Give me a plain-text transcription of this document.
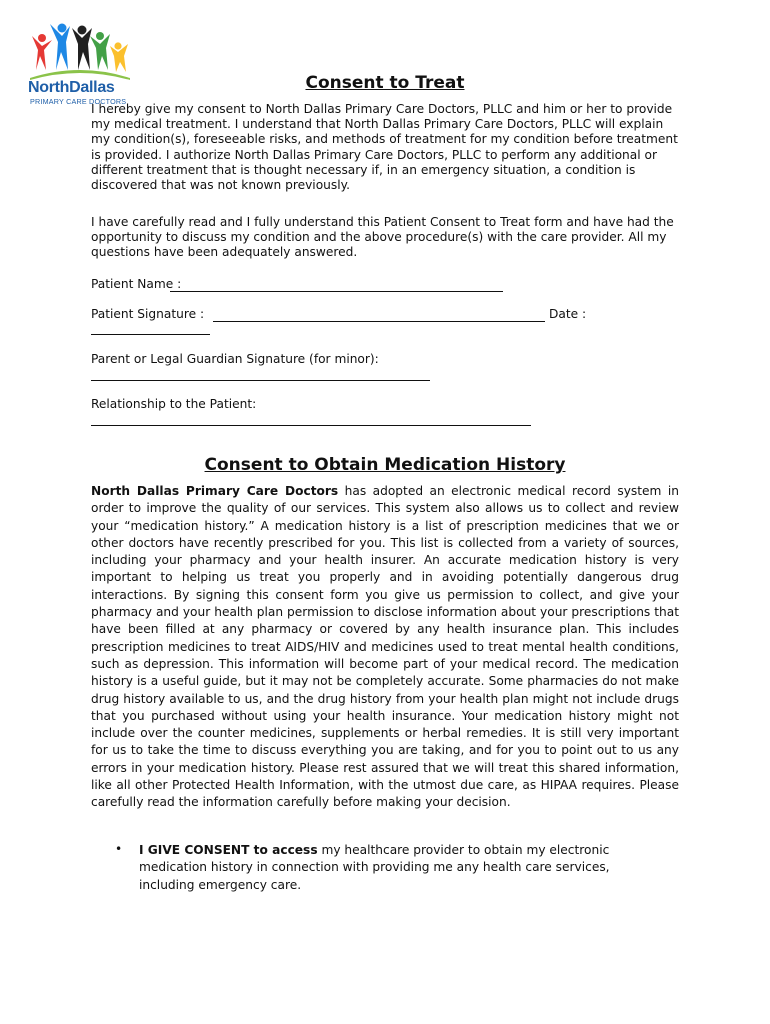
NorthDallas
PRIMARY CARE DOCTORS
Consent to Treat
I hereby give my consent to North Dallas Primary Care Doctors, PLLC and him or her to provide my medical treatment. I understand that North Dallas Primary Care Doctors, PLLC will explain my condition(s), foreseeable risks, and methods of treatment for my condition before treatment is provided. I authorize North Dallas Primary Care Doctors, PLLC to perform any additional or different treatment that is thought necessary if, in an emergency situation, a condition is discovered that was not known previously.
I have carefully read and I fully understand this Patient Consent to Treat form and have had the opportunity to discuss my condition and the above procedure(s) with the care provider. All my questions have been adequately answered.
Patient Name :
Patient Signature :	Date :
Parent or Legal Guardian Signature (for minor):
Relationship to the Patient:
Consent to Obtain Medication History
North Dallas Primary Care Doctors has adopted an electronic medical record system in order to improve the quality of our services. This system also allows us to collect and review your “medication history.” A medication history is a list of prescription medicines that we or other doctors have recently prescribed for you. This list is collected from a variety of sources, including your pharmacy and your health insurer. An accurate medication history is very important to helping us treat you properly and in avoiding potentially dangerous drug interactions. By signing this consent form you give us permission to collect, and give your pharmacy and your health plan permission to disclose information about your prescriptions that have been filled at any pharmacy or covered by any health insurance plan. This includes prescription medicines to treat AIDS/HIV and medicines used to treat mental health conditions, such as depression. This information will become part of your medical record. The medication history is a useful guide, but it may not be completely accurate. Some pharmacies do not make drug history available to us, and the drug history from your health plan might not include drugs that you purchased without using your health insurance. Your medication history might not include over the counter medicines, supplements or herbal remedies. It is still very important for us to take the time to discuss everything you are taking, and for you to point out to us any errors in your medication history. Please rest assured that we will treat this shared information, like all other Protected Health Information, with the utmost due care, as HIPAA requires. Please carefully read the information carefully before making your decision.
• I GIVE CONSENT to access my healthcare provider to obtain my electronic medication history in connection with providing me any health care services, including emergency care.
